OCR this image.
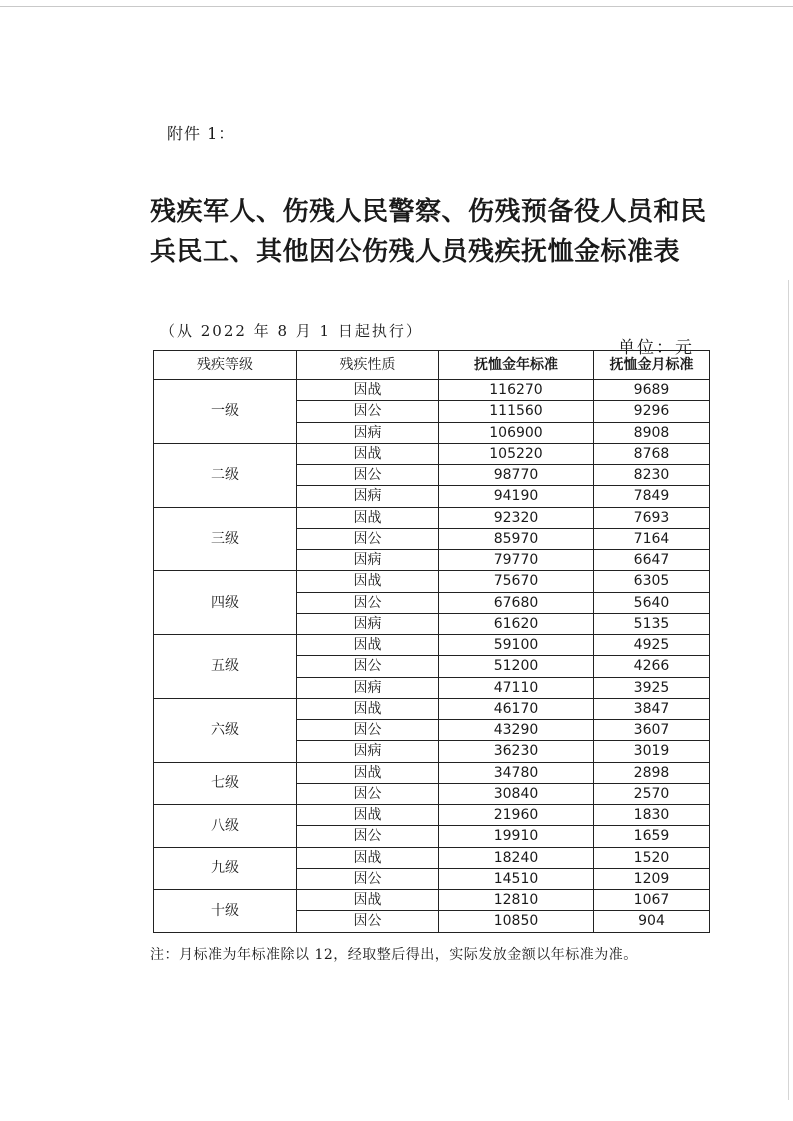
附件 1：
残疾军人、伤残人民警察、伤残预备役人员和民
兵民工、其他因公伤残人员残疾抚恤金标准表
（从 2022 年 8 月 1 日起执行）
单位：元
残疾等级	残疾性质	抚恤金年标准	抚恤金月标准
一级	因战	116270	9689
	因公	111560	9296
	因病	106900	8908
二级	因战	105220	8768
	因公	98770	8230
	因病	94190	7849
三级	因战	92320	7693
	因公	85970	7164
	因病	79770	6647
四级	因战	75670	6305
	因公	67680	5640
	因病	61620	5135
五级	因战	59100	4925
	因公	51200	4266
	因病	47110	3925
六级	因战	46170	3847
	因公	43290	3607
	因病	36230	3019
七级	因战	34780	2898
	因公	30840	2570
八级	因战	21960	1830
	因公	19910	1659
九级	因战	18240	1520
	因公	14510	1209
十级	因战	12810	1067
	因公	10850	904
注：月标准为年标准除以 12，经取整后得出，实际发放金额以年标准为准。
